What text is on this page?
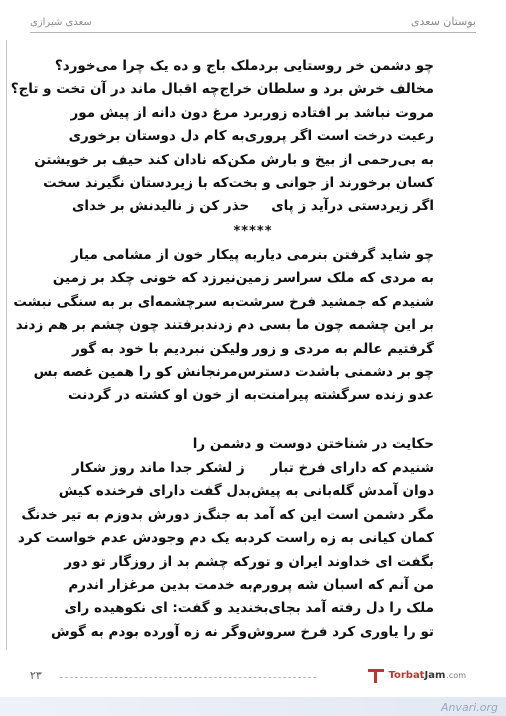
بوستان سعدی
سعدی شیرازی
چو دشمن خر روستایی برد
ملک باج و ده یک چرا می‌خورد؟
مخالف خرش برد و سلطان خراج
چه اقبال ماند در آن تخت و تاج؟
مروت نباشد بر افتاده زور
برد مرغ دون دانه از پیش مور
رعیت درخت است اگر پروری
به کام دل دوستان برخوری
به بی‌رحمی از بیخ و بارش مکن
که نادان کند حیف بر خویشتن
کسان برخورند از جوانی و بخت
که با زیردستان نگیرند سخت
اگر زیردستی درآید ز پای
حذر کن ز نالیدنش بر خدای
*****
چو شاید گرفتن بنرمی دیار
به پیکار خون از مشامی میار
به مردی که ملک سراسر زمین
نیرزد که خونی چکد بر زمین
شنیدم که جمشید فرخ سرشت
به سرچشمه‌ای بر به سنگی نبشت
بر این چشمه چون ما بسی دم زدند
برفتند چون چشم بر هم زدند
گرفتیم عالم به مردی و زور
ولیکن نبردیم با خود به گور
چو بر دشمنی باشدت دسترس
مرنجانش کو را همین غصه بس
عدو زنده سرگشته پیرامنت
به از خون او کشته در گردنت
حکایت در شناختن دوست و دشمن را
شنیدم که دارای فرخ تبار
ز لشکر جدا ماند روز شکار
دوان آمدش گله‌بانی به پیش
بدل گفت دارای فرخنده کیش
مگر دشمن است این که آمد به جنگ
ز دورش بدوزم به تیر خدنگ
کمان کیانی به زه راست کرد
به یک دم وجودش عدم خواست کرد
بگفت ای خداوند ایران و تور
که چشم بد از روزگار تو دور
من آنم که اسبان شه پرورم
به خدمت بدین مرغزار اندرم
ملک را دل رفته آمد بجای
بخندید و گفت: ای نکوهیده رای
تو را یاوری کرد فرخ سروش
وگر نه زه آورده بودم به گوش
۲۳	Torbat Jam .com
Anvari.org
